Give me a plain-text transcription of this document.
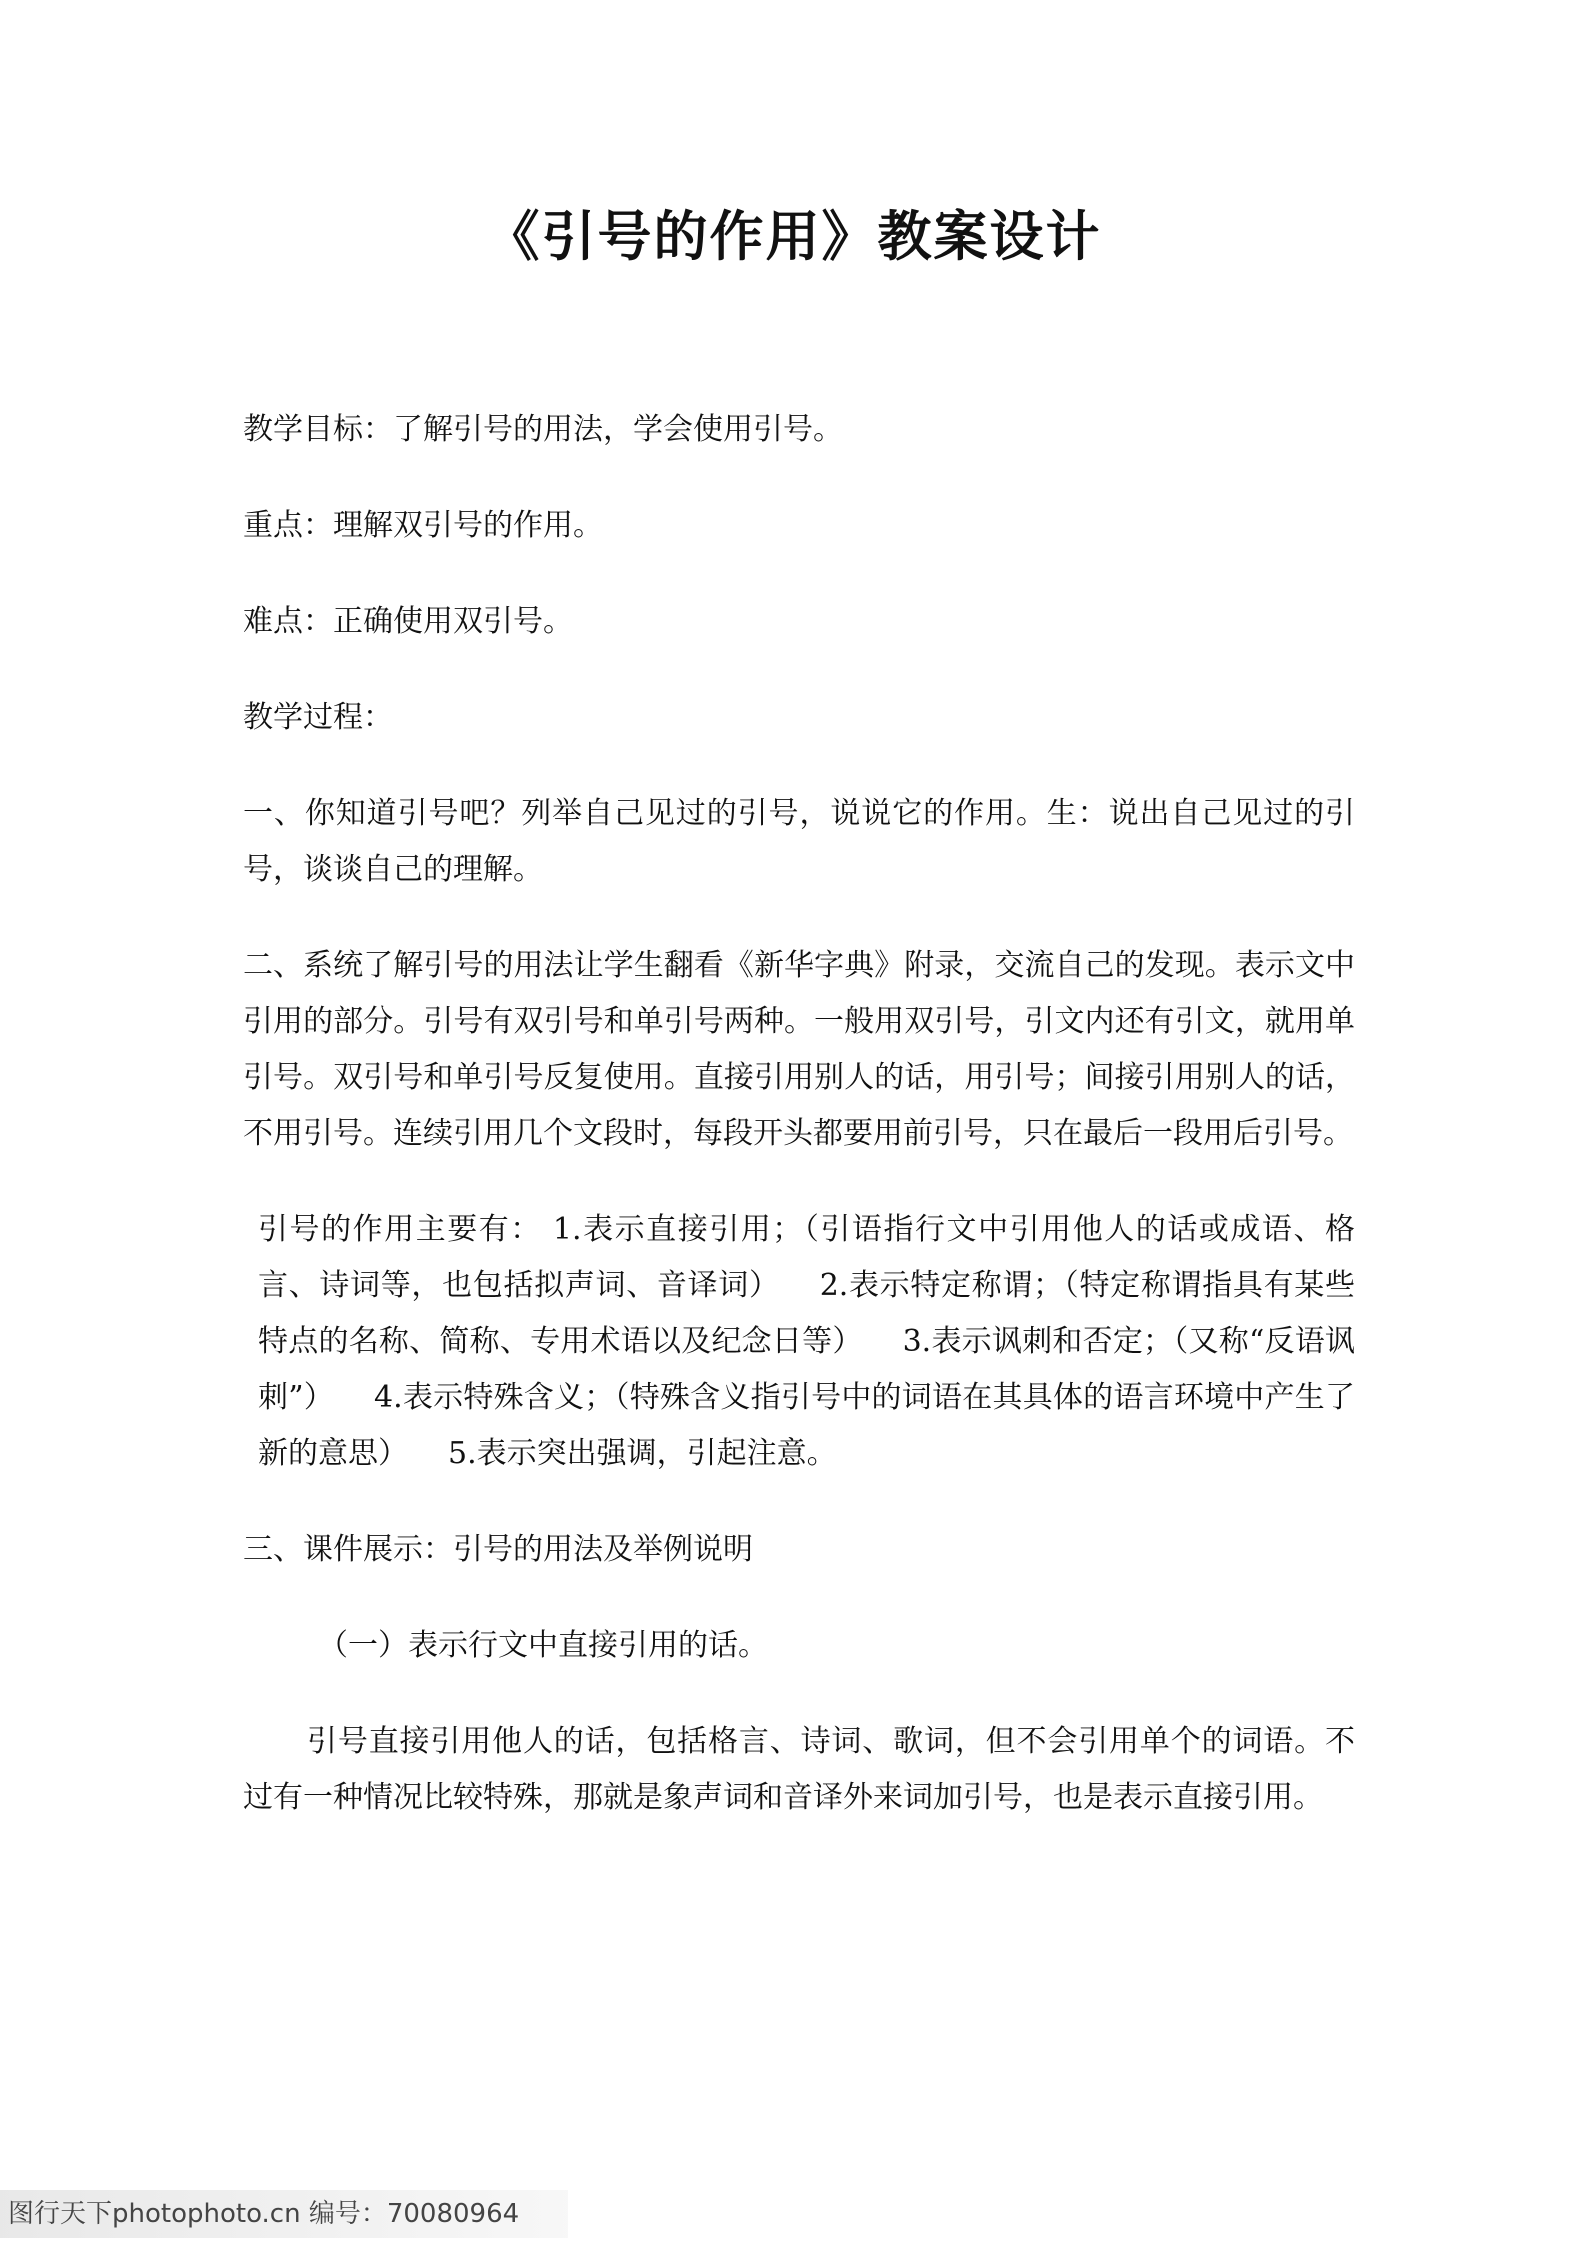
《引号的作用》教案设计

教学目标：了解引号的用法，学会使用引号。

重点：理解双引号的作用。

难点：正确使用双引号。

教学过程：

一、你知道引号吧？列举自己见过的引号，说说它的作用。生：说出自己见过的引号，谈谈自己的理解。

二、系统了解引号的用法让学生翻看《新华字典》附录，交流自己的发现。表示文中引用的部分。引号有双引号和单引号两种。一般用双引号，引文内还有引文，就用单引号。双引号和单引号反复使用。直接引用别人的话，用引号；间接引用别人的话，不用引号。连续引用几个文段时，每段开头都要用前引号，只在最后一段用后引号。

引号的作用主要有： 1.表示直接引用；（引语指行文中引用他人的话或成语、格言、诗词等，也包括拟声词、音译词） 2.表示特定称谓；（特定称谓指具有某些特点的名称、简称、专用术语以及纪念日等） 3.表示讽刺和否定；（又称“反语讽刺”） 4.表示特殊含义；（特殊含义指引号中的词语在其具体的语言环境中产生了新的意思） 5.表示突出强调，引起注意。

三、课件展示：引号的用法及举例说明

（一）表示行文中直接引用的话。

引号直接引用他人的话，包括格言、诗词、歌词，但不会引用单个的词语。不过有一种情况比较特殊，那就是象声词和音译外来词加引号，也是表示直接引用。

图行天下photophoto.cn 编号：70080964
